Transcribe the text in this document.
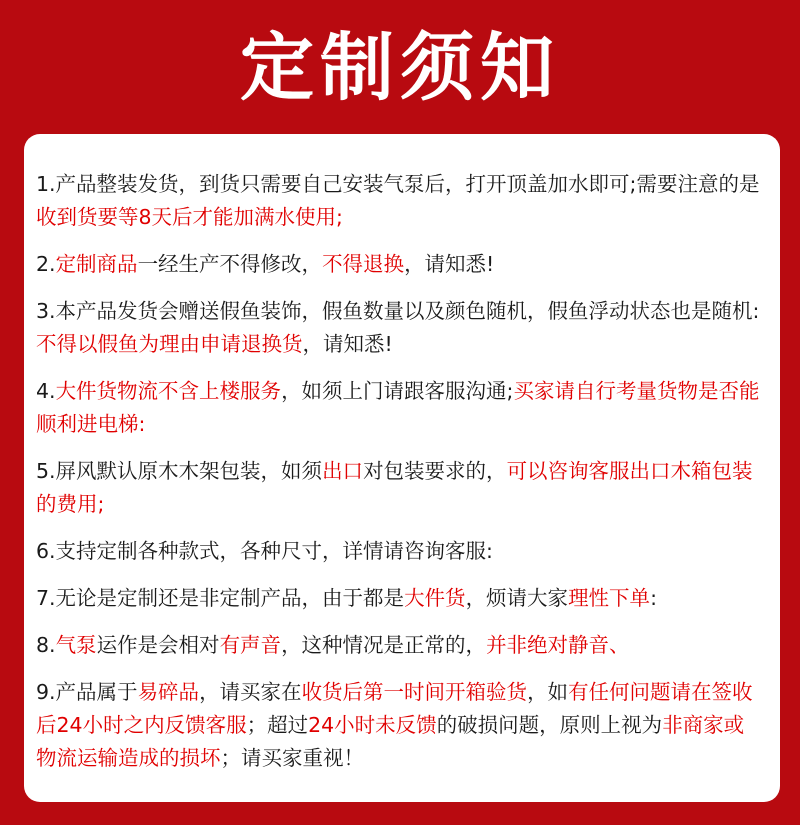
定制须知
1.产品整装发货，到货只需要自己安装气泵后，打开顶盖加水即可;需要注意的是收到货要等8天后才能加满水使用;
2.定制商品一经生产不得修改，不得退换，请知悉!
3.本产品发货会赠送假鱼装饰，假鱼数量以及颜色随机，假鱼浮动状态也是随机:不得以假鱼为理由申请退换货，请知悉!
4.大件货物流不含上楼服务，如须上门请跟客服沟通;买家请自行考量货物是否能顺利进电梯:
5.屏风默认原木木架包装，如须出口对包装要求的，可以咨询客服出口木箱包装的费用;
6.支持定制各种款式，各种尺寸，详情请咨询客服:
7.无论是定制还是非定制产品，由于都是大件货，烦请大家理性下单:
8.气泵运作是会相对有声音，这种情况是正常的，并非绝对静音、
9.产品属于易碎品，请买家在收货后第一时间开箱验货，如有任何问题请在签收后24小时之内反馈客服；超过24小时未反馈的破损问题，原则上视为非商家或物流运输造成的损坏；请买家重视！
